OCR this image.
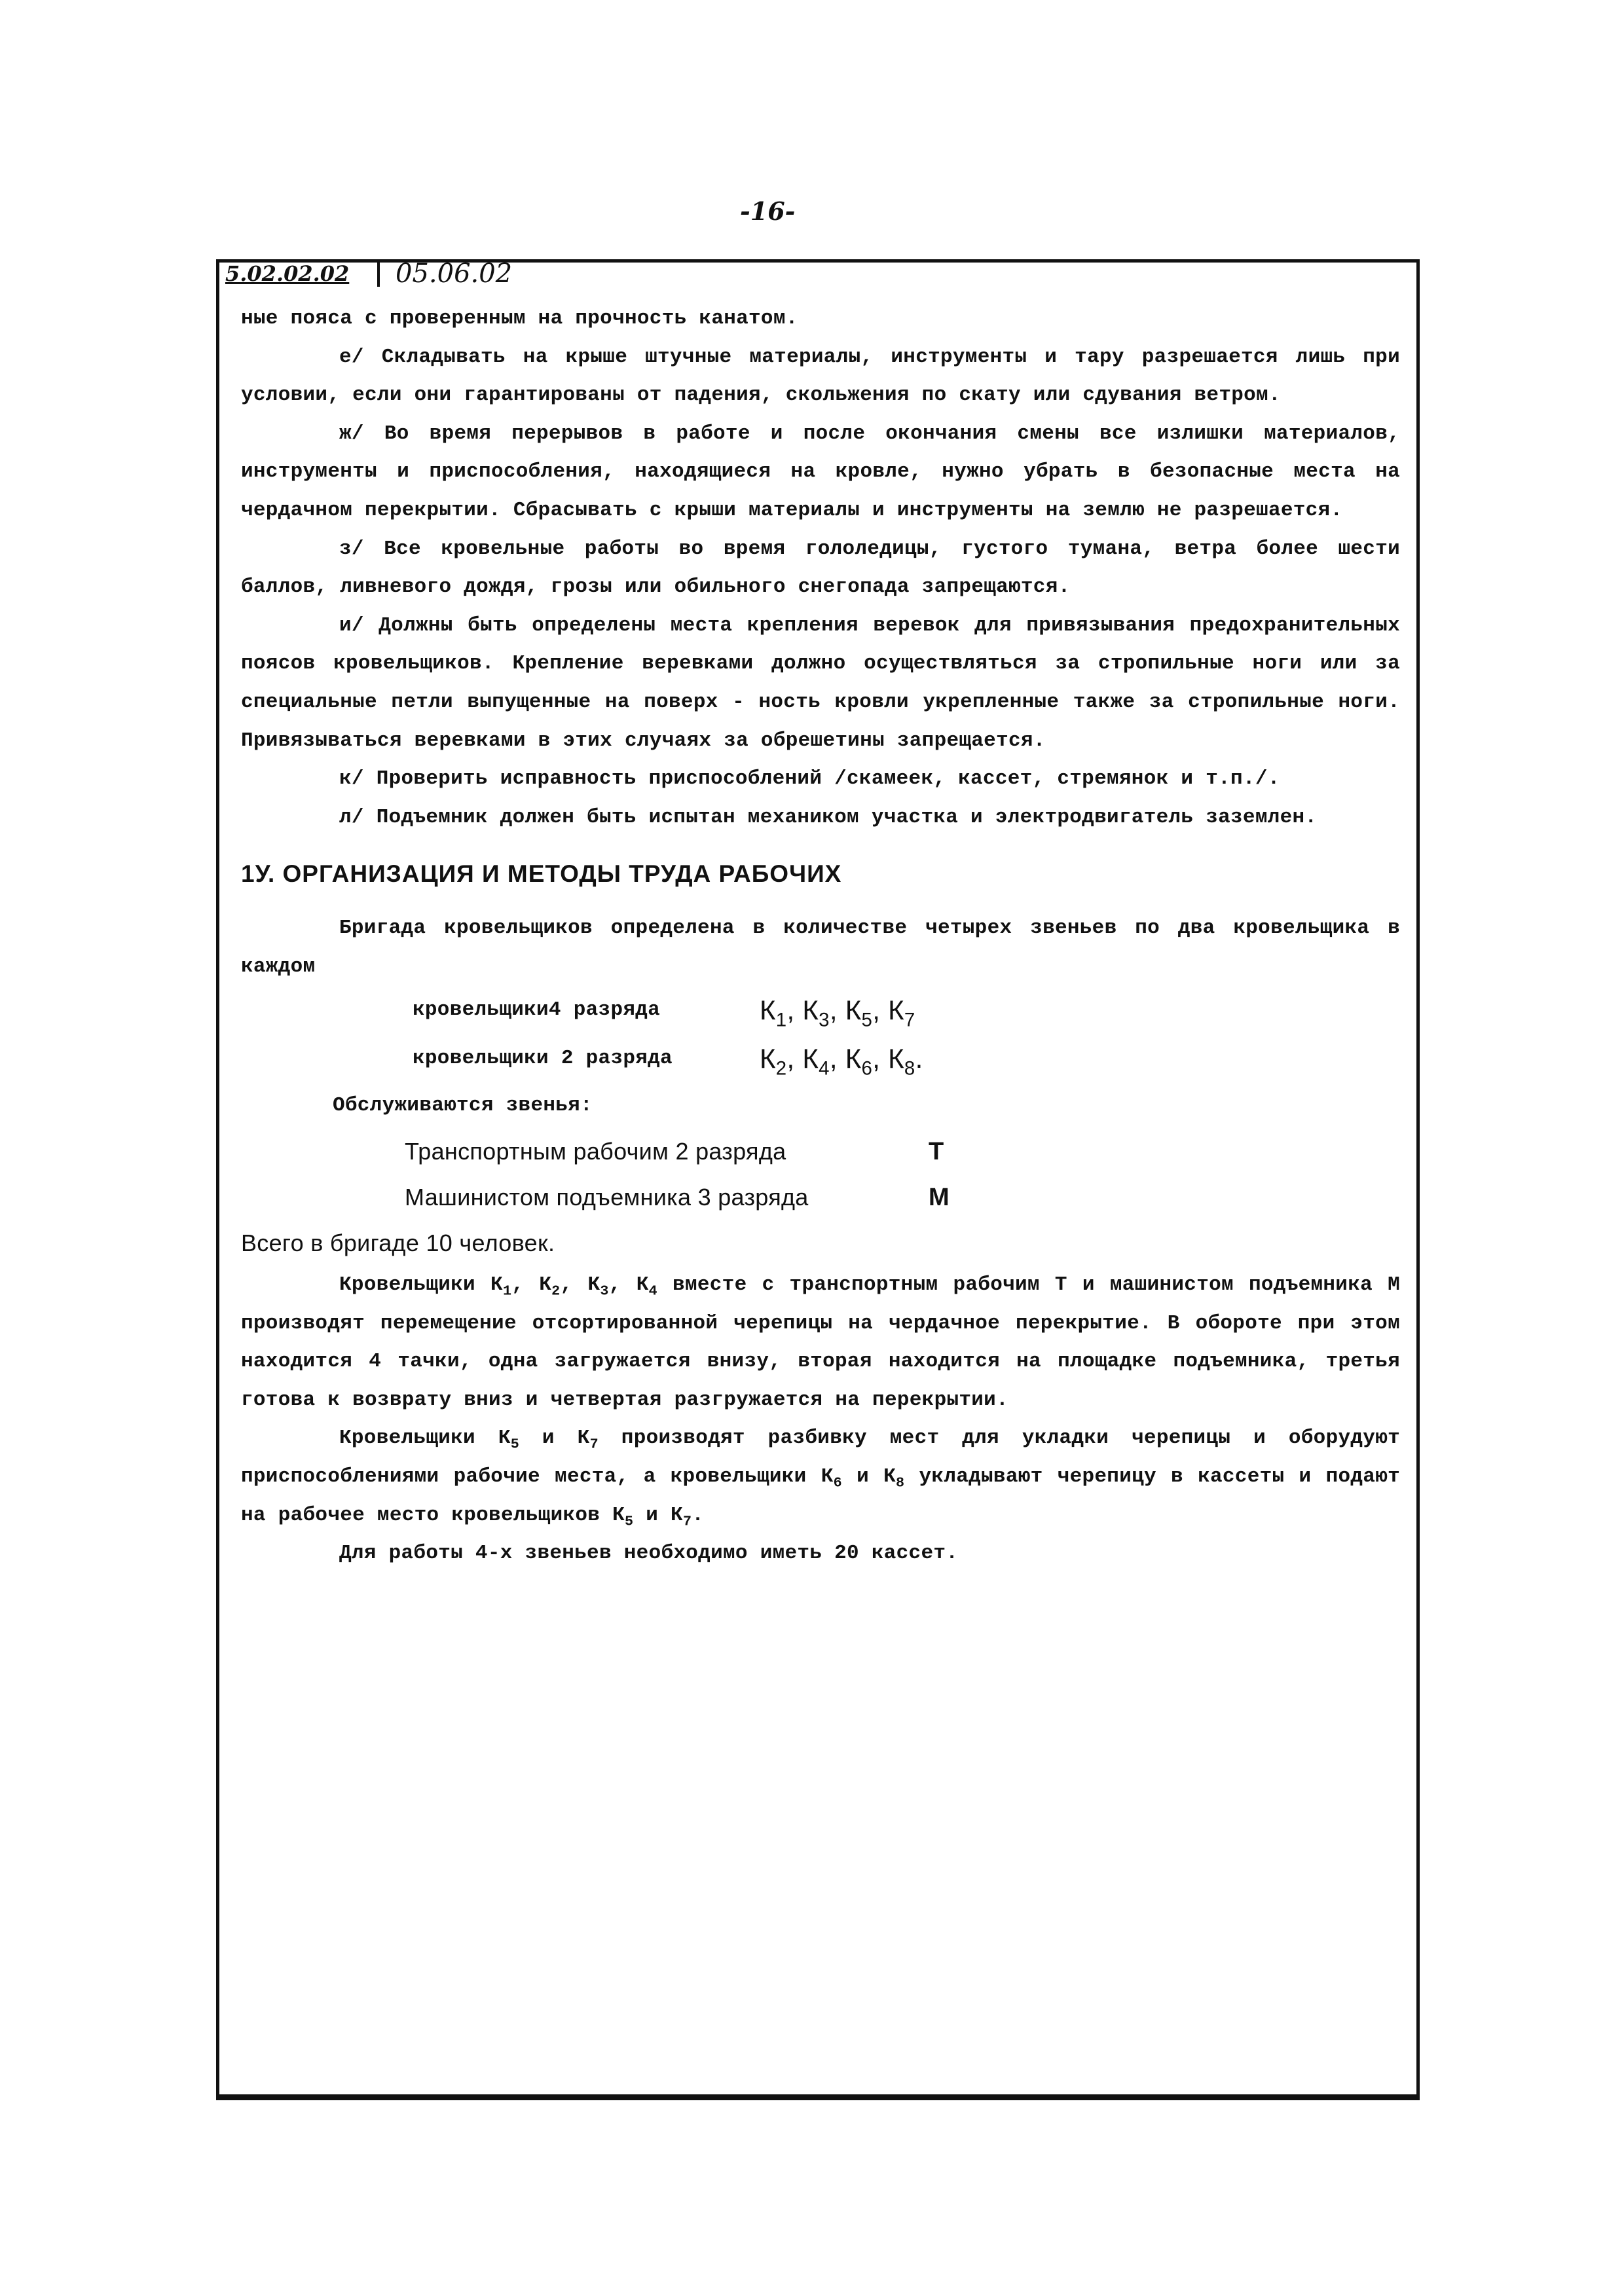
-16-
5.02.02.02	05.06.02

ные пояса с проверенным на прочность канатом.

е/ Складывать на крыше штучные материалы, инструменты и тару разрешается лишь при условии, если они гарантированы от падения, скольжения по скату или сдувания ветром.

ж/ Во время перерывов в работе и после окончания смены все излишки материалов, инструменты и приспособления, находящиеся на кровле, нужно убрать в безопасные места на чердачном перекрытии. Сбрасывать с крыши материалы и инструменты на землю не разрешается.

з/ Все кровельные работы во время гололедицы, густого тумана, ветра более шести баллов, ливневого дождя, грозы или обильного снегопада запрещаются.

и/ Должны быть определены места крепления веревок для привязывания предохранительных поясов кровельщиков. Крепление веревками должно осуществляться за стропильные ноги или за специальные петли выпущенные на поверх - ность кровли укрепленные также за стропильные ноги. Привязываться веревками в этих случаях за обрешетины запрещается.

к/ Проверить исправность приспособлений /скамеек, кассет, стремянок и т.п./.

л/ Подъемник должен быть испытан механиком участка и электродвигатель заземлен.

1У. ОРГАНИЗАЦИЯ И МЕТОДЫ ТРУДА РАБОЧИХ

Бригада кровельщиков определена в количестве четырех звеньев по два кровельщика в каждом

кровельщики4 разряда	$К_1$, $К_3$, $К_5$, $К_7$
кровельщики 2 разряда	$К_2$, $К_4$, $К_6$, $К_8$.
Обслуживаются звенья:
Транспортным рабочим 2 разряда	Т
Машинистом подъемника 3 разряда	М
Всего в бригаде 10 человек.

Кровельщики $К_1$, $К_2$, $К_3$, $К_4$ вместе с транспортным рабочим Т и машинистом подъемника М производят перемещение отсортированной черепицы на чердачное перекрытие. В обороте при этом находится 4 тачки, одна загружается внизу, вторая находится на площадке подъемника, третья готова к возврату вниз и четвертая разгружается на перекрытии.

Кровельщики $К_5$ и $К_7$ производят разбивку мест для укладки черепицы и оборудуют приспособлениями рабочие места, а кровельщики $К_6$ и $К_8$ укладывают черепицу в кассеты и подают на рабочее место кровельщиков $К_5$ и $К_7$.

Для работы 4-х звеньев необходимо иметь 20 кассет.
